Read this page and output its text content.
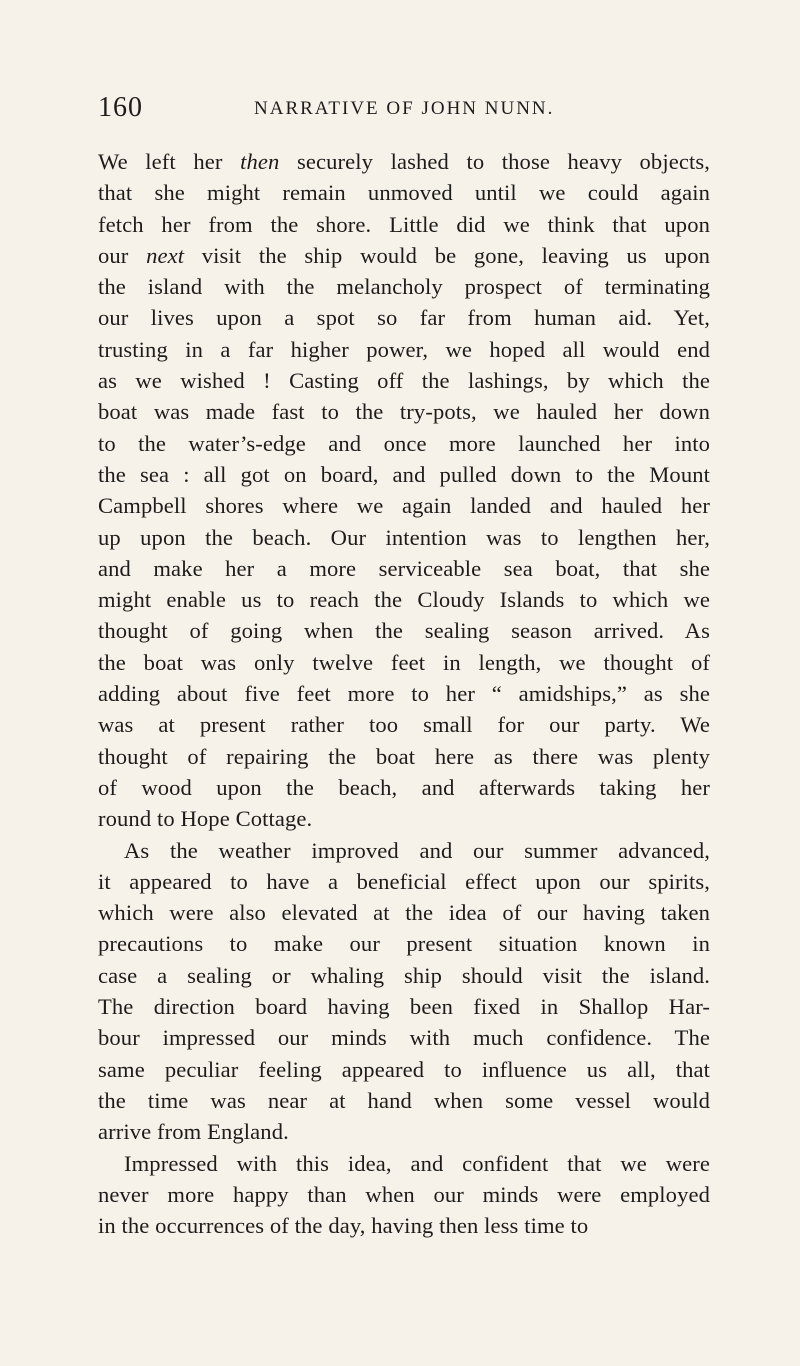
160	NARRATIVE OF JOHN NUNN.
We left her then securely lashed to those heavy objects,
that she might remain unmoved until we could again
fetch her from the shore. Little did we think that upon
our next visit the ship would be gone, leaving us upon
the island with the melancholy prospect of terminating
our lives upon a spot so far from human aid. Yet,
trusting in a far higher power, we hoped all would end
as we wished ! Casting off the lashings, by which the
boat was made fast to the try-pots, we hauled her down
to the water’s-edge and once more launched her into
the sea : all got on board, and pulled down to the Mount
Campbell shores where we again landed and hauled her
up upon the beach. Our intention was to lengthen her,
and make her a more serviceable sea boat, that she
might enable us to reach the Cloudy Islands to which we
thought of going when the sealing season arrived. As
the boat was only twelve feet in length, we thought of
adding about five feet more to her “ amidships,” as she
was at present rather too small for our party. We
thought of repairing the boat here as there was plenty
of wood upon the beach, and afterwards taking her
round to Hope Cottage.
As the weather improved and our summer advanced,
it appeared to have a beneficial effect upon our spirits,
which were also elevated at the idea of our having taken
precautions to make our present situation known in
case a sealing or whaling ship should visit the island.
The direction board having been fixed in Shallop Har-
bour impressed our minds with much confidence. The
same peculiar feeling appeared to influence us all, that
the time was near at hand when some vessel would
arrive from England.
Impressed with this idea, and confident that we were
never more happy than when our minds were employed
in the occurrences of the day, having then less time to
